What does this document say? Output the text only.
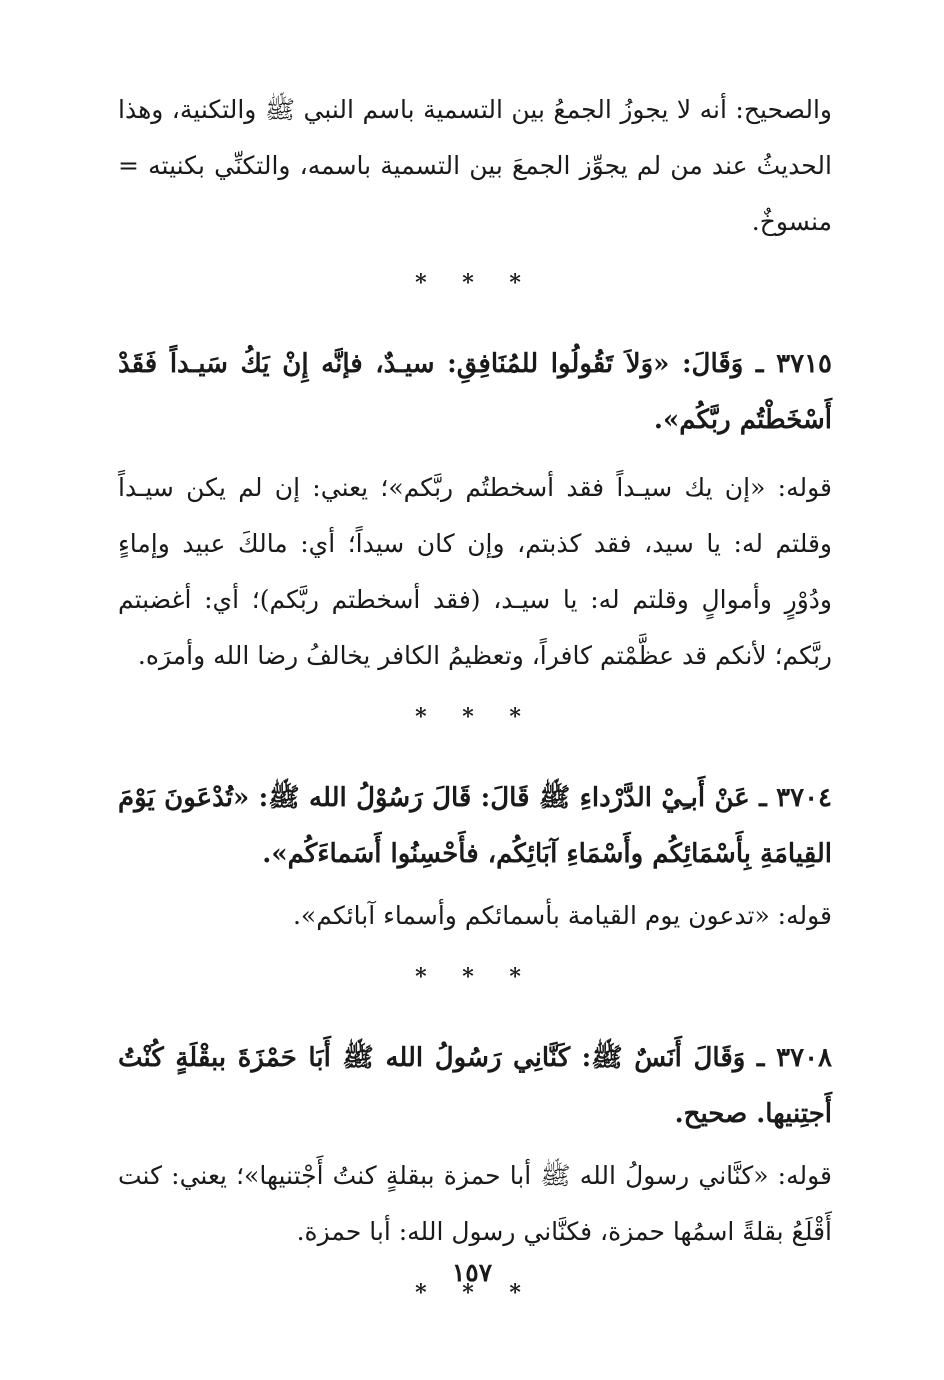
والصحيح: أنه لا يجوزُ الجمعُ بين التسمية باسم النبي ﷺ والتكنية، وهذا الحديثُ عند من لم يجوِّز الجمعَ بين التسمية باسمه، والتكنِّي بكنيته = منسوخٌ.

* * *

٣٧١٥ ـ وَقَالَ: «وَلاَ تَقُولُوا للمُنَافِقِ: سيـدٌ، فإنَّه إِنْ يَكُ سَيـداً فَقَدْ أَسْخَطْتُم ربَّكُم».

قوله: «إن يك سيـداً فقد أسخطتُم ربَّكم»؛ يعني: إن لم يكن سيـداً وقلتم له: يا سيد، فقد كذبتم، وإن كان سيداً؛ أي: مالكَ عبيد وإماءٍ ودُوْرٍ وأموالٍ وقلتم له: يا سيـد، (فقد أسخطتم ربَّكم)؛ أي: أغضبتم ربَّكم؛ لأنكم قد عظَّمْتم كافراً، وتعظيمُ الكافر يخالفُ رضا الله وأمرَه.

* * *

٣٧٠٤ ـ عَنْ أَبـِيْ الدَّرْداءِ ﷺ قَالَ: قَالَ رَسُوْلُ الله ﷺ: «تُدْعَونَ يَوْمَ القِيامَةِ بِأَسْمَائِكُم وأَسْمَاءِ آبَائِكُم، فأَحْسِنُوا أَسَماءَكُم».

قوله: «تدعون يوم القيامة بأسمائكم وأسماء آبائكم».

* * *

٣٧٠٨ ـ وَقَالَ أَنَسٌ ﷺ: كَنَّانِي رَسُولُ الله ﷺ أَبَا حَمْزَةَ ببقْلَةٍ كُنْتُ أَجتِنيها. صحيح.

قوله: «كنَّاني رسولُ الله ﷺ أبا حمزة ببقلةٍ كنتُ أَجْتنيها»؛ يعني: كنت أَقْلَعُ بقلةً اسمُها حمزة، فكنَّاني رسول الله: أبا حمزة.

* * *
١٥٧
